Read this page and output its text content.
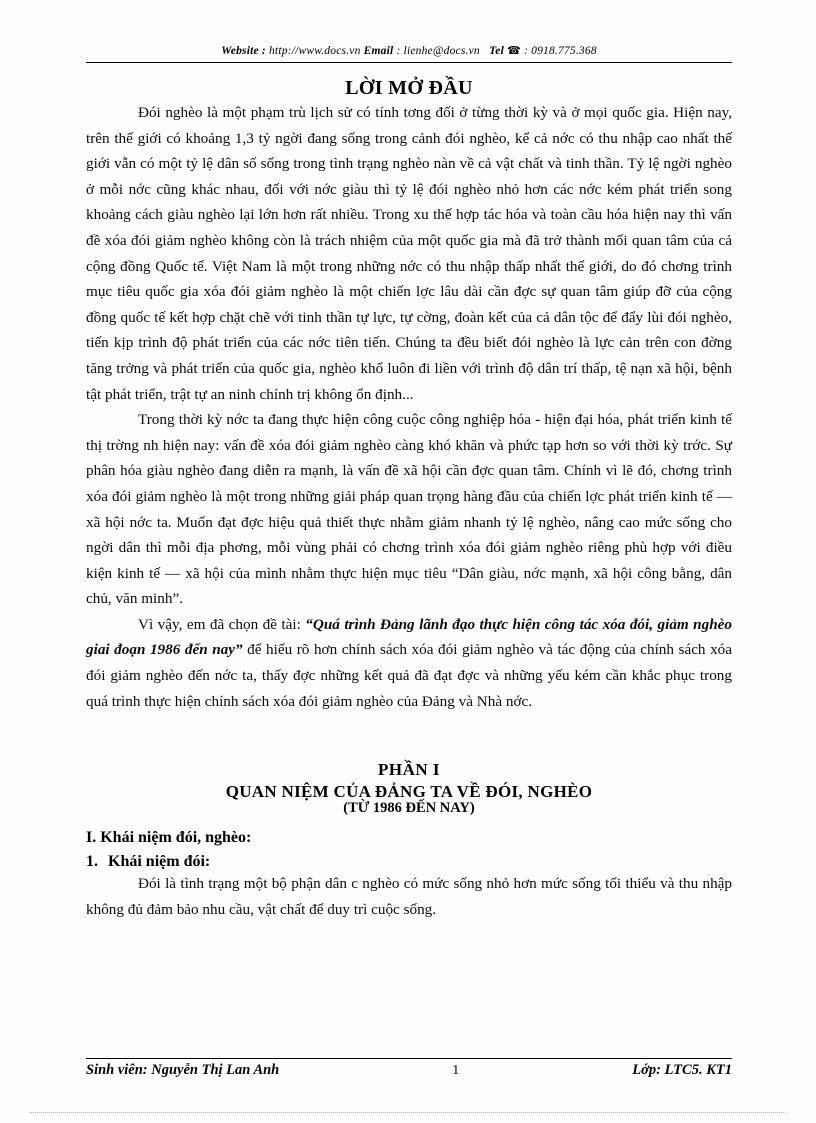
Website : http://www.docs.vn Email : lienhe@docs.vn Tel ☎ : 0918.775.368
LỜI MỞ ĐẦU

Đói nghèo là một phạm trù lịch sử có tính tơng đối ở từng thời kỳ và ở mọi quốc gia. Hiện nay, trên thế giới có khoảng 1,3 tỷ ngời đang sống trong cảnh đói nghèo, kể cả nớc có thu nhập cao nhất thế giới vẫn có một tỷ lệ dân số sống trong tình trạng nghèo nàn về cả vật chất và tinh thần. Tỷ lệ ngời nghèo ở mỗi nớc cũng khác nhau, đối với nớc giàu thì tỷ lệ đói nghèo nhỏ hơn các nớc kém phát triển song khoảng cách giàu nghèo lại lớn hơn rất nhiều. Trong xu thế hợp tác hóa và toàn cầu hóa hiện nay thì vấn đề xóa đói giảm nghèo không còn là trách nhiệm của một quốc gia mà đã trở thành mối quan tâm của cả cộng đồng Quốc tế. Việt Nam là một trong những nớc có thu nhập thấp nhất thế giới, do đó chơng trình mục tiêu quốc gia xóa đói giảm nghèo là một chiến lợc lâu dài cần đợc sự quan tâm giúp đỡ của cộng đồng quốc tế kết hợp chặt chẽ với tinh thần tự lực, tự cờng, đoàn kết của cả dân tộc để đẩy lùi đói nghèo, tiến kịp trình độ phát triển của các nớc tiên tiến. Chúng ta đều biết đói nghèo là lực cản trên con đờng tăng trởng và phát triển của quốc gia, nghèo khổ luôn đi liền với trình độ dân trí thấp, tệ nạn xã hội, bệnh tật phát triển, trật tự an ninh chính trị không ổn định...

Trong thời kỳ nớc ta đang thực hiện công cuộc công nghiệp hóa - hiện đại hóa, phát triển kinh tế thị trờng nh hiện nay: vấn đề xóa đói giảm nghèo càng khó khăn và phức tạp hơn so với thời kỳ trớc. Sự phân hóa giàu nghèo đang diễn ra mạnh, là vấn đề xã hội cần đợc quan tâm. Chính vì lẽ đó, chơng trình xóa đói giảm nghèo là một trong những giải pháp quan trọng hàng đầu của chiến lợc phát triển kinh tế — xã hội nớc ta. Muốn đạt đợc hiệu quả thiết thực nhằm giảm nhanh tỷ lệ nghèo, nâng cao mức sống cho ngời dân thì mỗi địa phơng, mỗi vùng phải có chơng trình xóa đói giảm nghèo riêng phù hợp với điều kiện kinh tế — xã hội của mình nhằm thực hiện mục tiêu “Dân giàu, nớc mạnh, xã hội công bằng, dân chủ, văn minh”.

Vì vậy, em đã chọn đề tài: “Quá trình Đảng lãnh đạo thực hiện công tác xóa đói, giảm nghèo giai đoạn 1986 đến nay” để hiểu rõ hơn chính sách xóa đói giảm nghèo và tác động của chính sách xóa đói giảm nghèo đến nớc ta, thấy đợc những kết quả đã đạt đợc và những yếu kém cần khắc phục trong quá trình thực hiện chính sách xóa đói giảm nghèo của Đảng và Nhà nớc.

PHẦN I
QUAN NIỆM CỦA ĐẢNG TA VỀ ĐÓI, NGHÈO
(TỪ 1986 ĐẾN NAY)
I. Khái niệm đói, nghèo:
1. Khái niệm đói:

Đói là tình trạng một bộ phận dân c nghèo có mức sống nhỏ hơn mức sống tối thiểu và thu nhập không đủ đảm bảo nhu cầu, vật chất để duy trì cuộc sống.

Sinh viên: Nguyễn Thị Lan Anh	1	Lớp: LTC5. KT1
